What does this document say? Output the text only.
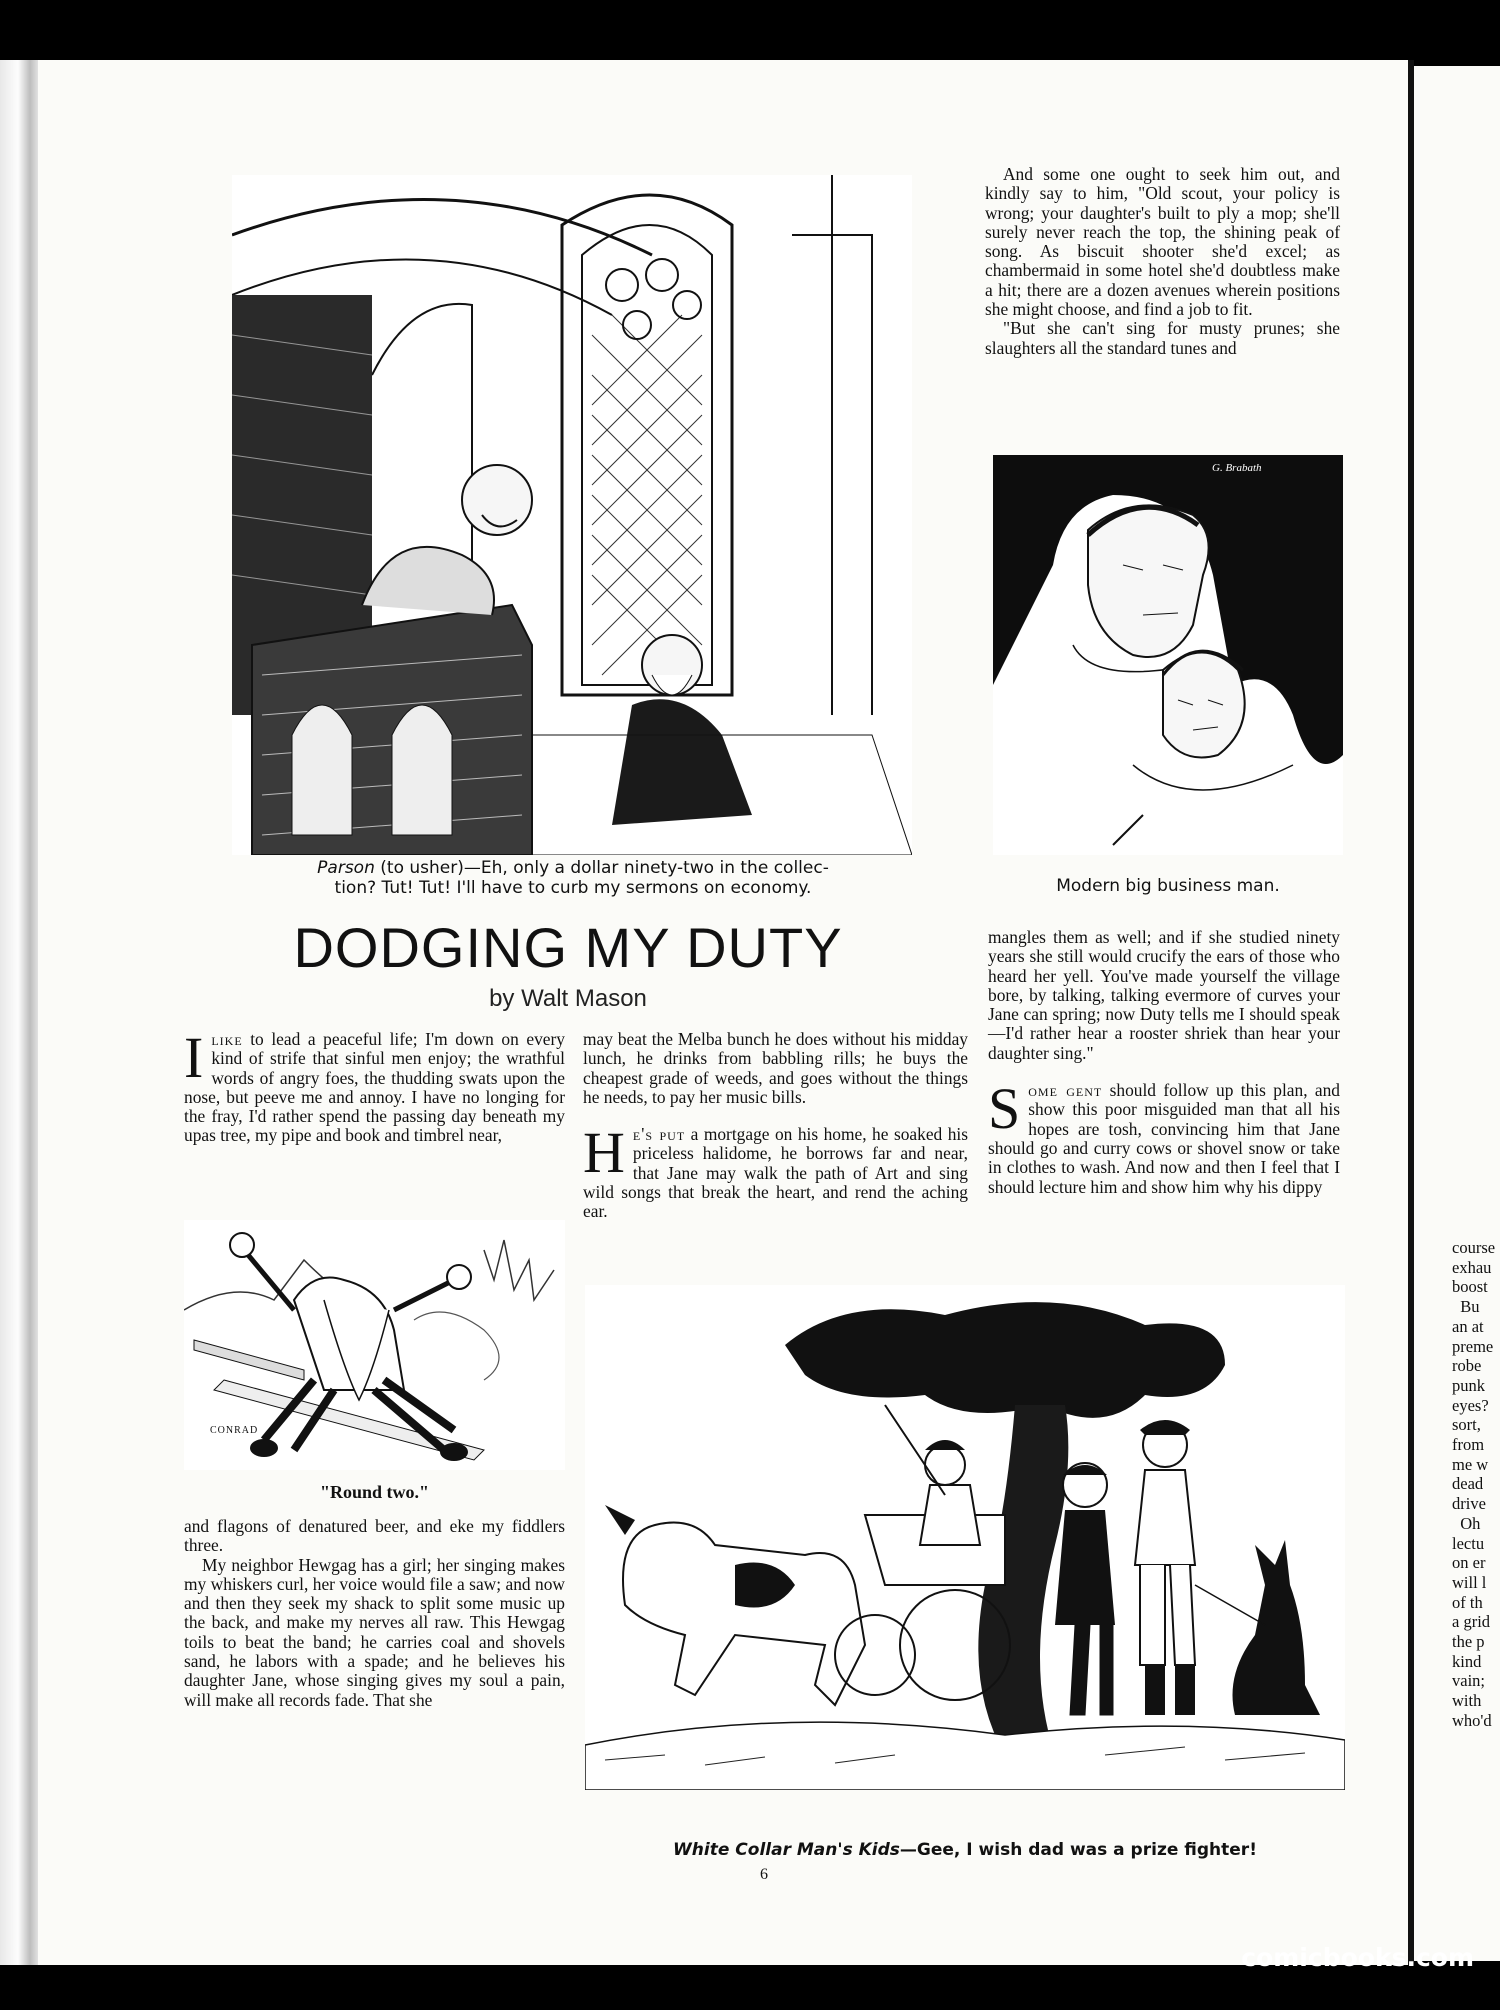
Parson (to usher)—Eh, only a dollar ninety-two in the collec-
tion? Tut! Tut! I'll have to curb my sermons on economy.
G. Brabath
Modern big business man.
DODGING MY DUTY
by Walt Mason

Ilike to lead a peaceful life; I'm down on every kind of strife that sinful men enjoy; the wrathful words of angry foes, the thudding swats upon the nose, but peeve me and annoy. I have no longing for the fray, I'd rather spend the passing day beneath my upas tree, my pipe and book and timbrel near,

CONRAD
"Round two."

and flagons of denatured beer, and eke my fiddlers three.

My neighbor Hewgag has a girl; her singing makes my whiskers curl, her voice would file a saw; and now and then they seek my shack to split some music up the back, and make my nerves all raw. This Hewgag toils to beat the band; he carries coal and shovels sand, he labors with a spade; and he believes his daughter Jane, whose singing gives my soul a pain, will make all records fade. That she

may beat the Melba bunch he does without his midday lunch, he drinks from babbling rills; he buys the cheapest grade of weeds, and goes without the things he needs, to pay her music bills.

He's put a mortgage on his home, he soaked his priceless halidome, he borrows far and near, that Jane may walk the path of Art and sing wild songs that break the heart, and rend the aching ear.

And some one ought to seek him out, and kindly say to him, "Old scout, your policy is wrong; your daughter's built to ply a mop; she'll surely never reach the top, the shining peak of song. As biscuit shooter she'd excel; as chambermaid in some hotel she'd doubtless make a hit; there are a dozen avenues wherein positions she might choose, and find a job to fit.

"But she can't sing for musty prunes; she slaughters all the standard tunes and

mangles them as well; and if she studied ninety years she still would crucify the ears of those who heard her yell. You've made yourself the village bore, by talking, talking evermore of curves your Jane can spring; now Duty tells me I should speak—I'd rather hear a rooster shriek than hear your daughter sing."

Some gent should follow up this plan, and show this poor misguided man that all his hopes are tosh, convincing him that Jane should go and curry cows or shovel snow or take in clothes to wash. And now and then I feel that I should lecture him and show him why his dippy

White Collar Man's Kids—Gee, I wish dad was a prize fighter!
6
course
exhau
boost
Bu
an at
preme
robe
punk
eyes?
sort,
from
me w
dead
drive
Oh
lectu
on er
will l
of th
a grid
the p
kind
vain;
with
who'd
comicbooks.com
